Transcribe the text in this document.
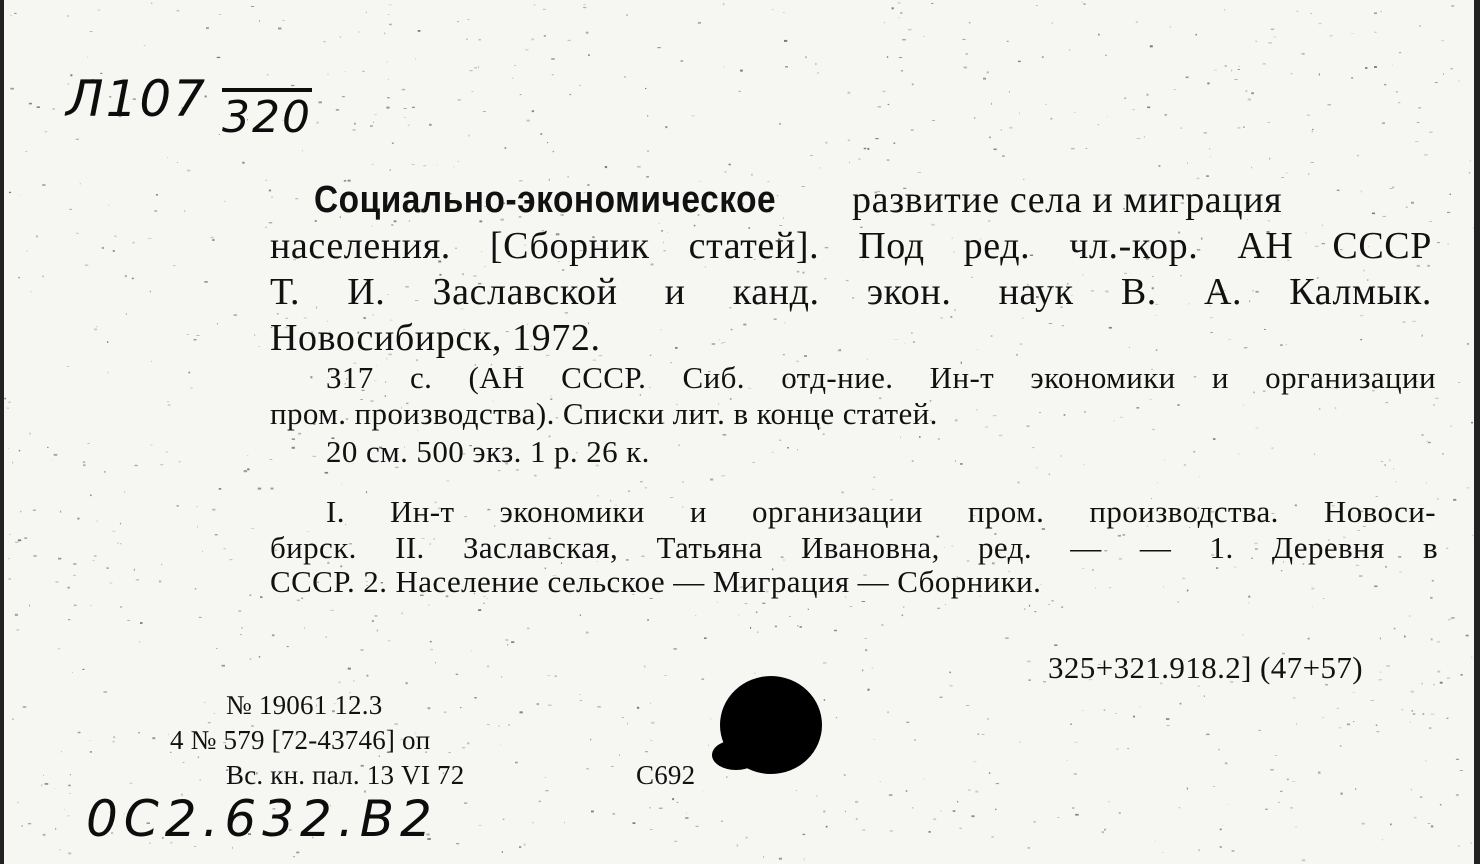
Л107 320
Социально-экономическое	развитие села и миграция
населения. [Сборник статей]. Под ред. чл.-кор. АН СССР
Т. И. Заславской и канд. экон. наук В. А. Калмык.
Новосибирск, 1972.
317 с. (АН СССР. Сиб. отд-ние. Ин-т экономики и организации
пром. производства). Списки лит. в конце статей.
20 см. 500 экз. 1 р. 26 к.
I. Ин-т экономики и организации пром. производства. Новоси-
бирск. II. Заславская, Татьяна Ивановна, ред. — — 1. Деревня в
СССР. 2. Население сельское — Миграция — Сборники.
325+321.918.2] (47+57)
№ 19061 12.3
4 № 579 [72-43746] оп
Вс. кн. пал. 13 VI 72	С692
0С2.632.В2
